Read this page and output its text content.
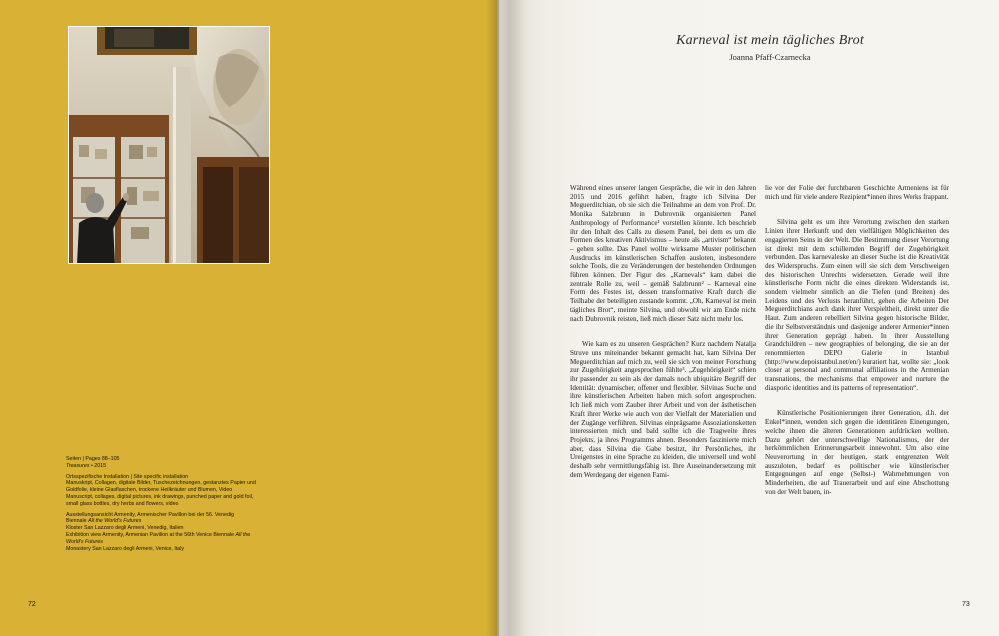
Seiten | Pages 88–105

Treasures • 2015

Ortsspezifische Installation | Site specific installation

Manuskript, Collagen, digitale Bilder, Tuschezeichnungen, gestanztes Papier und Goldfolie, kleine Glasflaschen, trockene Heilkräuter und Blumen, Video

Manuscript, collages, digital pictures, ink drawings, punched paper and gold foil, small glass bottles, dry herbs and flowers, video

Ausstellungsansicht Armenity, Armenischer Pavillon bei der 56. Venedig Biennale All the World's Futures

Kloster San Lazzaro degli Armeni, Venedig, Italien

Exhibition view Armenity, Armenian Pavilion at the 56th Venice Biennale All the World's Futures

Monastery San Lazzaro degli Armeni, Venice, Italy

72
Karneval ist mein tägliches Brot
Joanna Pfaff-Czarnecka

Während eines unserer langen Gespräche, die wir in den Jahren 2015 und 2016 geführt haben, fragte ich Silvina Der Meguerditchian, ob sie sich die Teilnahme an dem von Prof. Dr. Monika Salzbrunn in Dubrovnik organisierten Panel Anthropology of Performance¹ vorstellen könnte. Ich beschrieb ihr den Inhalt des Calls zu diesem Panel, bei dem es um die Formen des kreativen Aktivismus – heute als „artivism“ bekannt – gehen sollte. Das Panel wollte wirksame Muster politischen Ausdrucks im künstlerischen Schaffen ausloten, insbesondere solche Tools, die zu Veränderungen der bestehenden Ordnungen führen können. Der Figur des „Karnevals“ kam dabei die zentrale Rolle zu, weil – gemäß Salzbrunn² – Karneval eine Form des Festes ist, dessen transformative Kraft durch die Teilhabe der beteiligten zustande kommt. „Oh, Karneval ist mein tägliches Brot“, meinte Silvina, und obwohl wir am Ende nicht nach Dubrovnik reisten, ließ mich dieser Satz nicht mehr los.

Wie kam es zu unseren Gesprächen? Kurz nachdem Natalja Struve uns miteinander bekannt gemacht hat, kam Silvina Der Meguerditchian auf mich zu, weil sie sich von meiner Forschung zur Zugehörigkeit angesprochen fühlte³. „Zugehörigkeit“ schien ihr passender zu sein als der damals noch ubiquitäre Begriff der Identität: dynamischer, offener und flexibler. Silvinas Suche und ihre künstlerischen Arbeiten haben mich sofort angesprochen. Ich ließ mich vom Zauber ihrer Arbeit und von der ästhetischen Kraft ihrer Werke wie auch von der Vielfalt der Materialien und der Zugänge verführen. Silvinas einprägsame Assoziationsketten interessierten mich und bald sollte ich die Tragweite ihres Projekts, ja ihres Programms ahnen. Besonders faszinierte mich aber, dass Silvina die Gabe besitzt, ihr Persönliches, ihr Ureigenstes in eine Sprache zu kleiden, die universell und wohl deshalb sehr vermittlungsfähig ist. Ihre Auseinandersetzung mit dem Werdegang der eigenen Fami-

lie vor der Folie der furchtbaren Geschichte Armeniens ist für mich und für viele andere Rezipient*innen ihres Werks frappant.

Silvina geht es um ihre Verortung zwischen den starken Linien ihrer Herkunft und den vielfältigen Möglichkeiten des engagierten Seins in der Welt. Die Bestimmung dieser Verortung ist direkt mit dem schillernden Begriff der Zugehörigkeit verbunden. Das karnevaleske an dieser Suche ist die Kreativität des Widerspruchs. Zum einen will sie sich dem Verschweigen des historischen Unrechts widersetzen. Gerade weil ihre künstlerische Form nicht die eines direkten Widerstands ist, sondern vielmehr sinnlich an die Tiefen (und Breiten) des Leidens und des Verlusts heranführt, gehen die Arbeiten Der Meguerditchians auch dank ihrer Verspieltheit, direkt unter die Haut. Zum anderen rebelliert Silvina gegen historische Bilder, die ihr Selbstverständnis und dasjenige anderer Armenier*innen ihrer Generation geprägt haben. In ihrer Ausstellung Grandchildren – new geographies of belonging, die sie an der renommierten DEPO Galerie in Istanbul (http://www.depoistanbul.net/en/) kuratiert hat, wollte sie: „look closer at personal and communal affiliations in the Armenian transnations, the mechanisms that empower and nurture the diasporic identities and its patterns of representation“.

Künstlerische Positionierungen ihrer Generation, d.h. der Enkel*innen, wenden sich gegen die identitären Einengungen, welche ihnen die älteren Generationen aufdrücken wollten. Dazu gehört der unterschwellige Nationalismus, der der herkömmlichen Erinnerungsarbeit innewohnt. Um also eine Neuverortung in der heutigen, stark entgrenzten Welt auszuloten, bedarf es politischer wie künstlerischer Entgegnungen auf enge (Selbst-) Wahrnehmungen von Minderheiten, die auf Trauerarbeit und auf eine Abschottung von der Welt bauen, in-

73
